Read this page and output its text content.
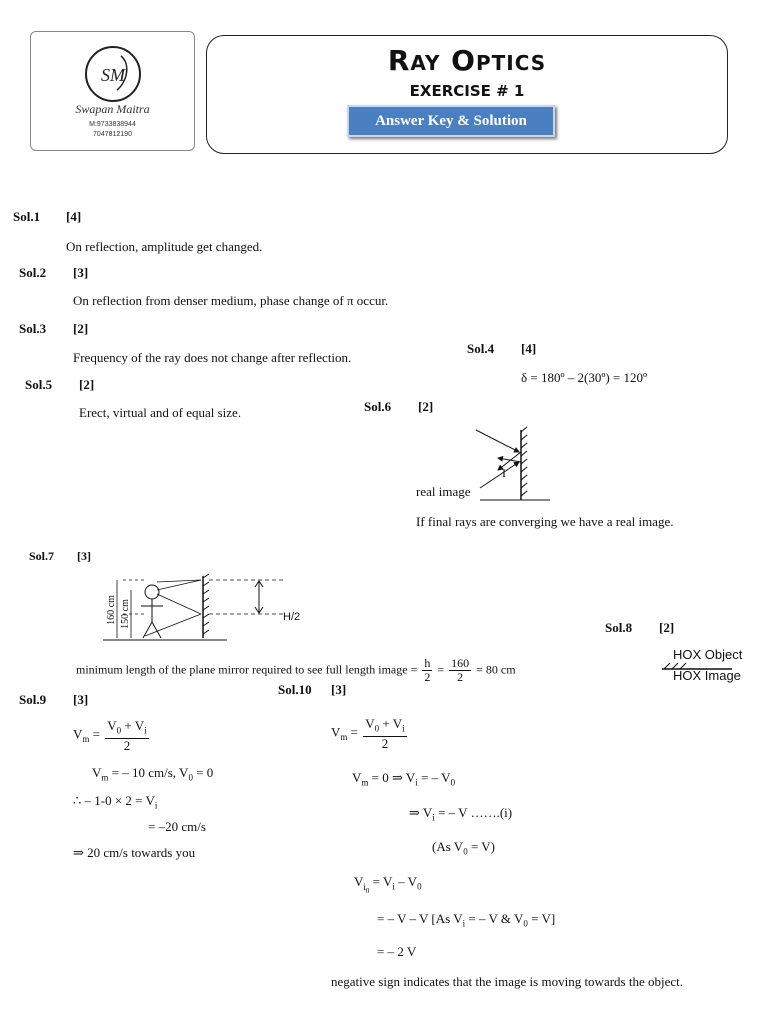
SM
Swapan Maitra
M:9733838944
7047812190
Ray Optics
EXERCISE # 1
Answer Key & Solution
Sol.1 [4]
On reflection, amplitude get changed.
Sol.2 [3]
On reflection from denser medium, phase change of π occur.
Sol.3 [2]
Frequency of the ray does not change after reflection.
Sol.4 [4]
δ = 180º – 2(30º) = 120º
Sol.5 [2]
Erect, virtual and of equal size.	Sol.6 [2]
I
real image
If final rays are converging we have a real image.
Sol.7 [3]
160 cm 150 cm	H/2
minimum length of the plane mirror required to see full length image = $\frac{h}{2} = \frac{160}{2} = 80$ cm
Sol.8 [2]
HOX Object
HOX Image
Sol.9 [3]
$V_m = \frac{V_0 + V_i}{2}$
$V_m$ = – 10 cm/s, $V_0 = 0$
∴ – $1-0 \times 2 = V_i$
= –20 cm/s
⇒ 20 cm/s towards you
Sol.10 [3]
$V_m = \frac{V_0 + V_i}{2}$
$V_m = 0$ ⇒ $V_i$ = – $V_0$
⇒ $V_i$ = – V …….(i)
(As $V_0 = V$)
$V_{i_0} = V_i - V_0$
= – V – V [As $V_i$ = – V & $V_0 = V$]
= – 2 V
negative sign indicates that the image is moving towards the object.
